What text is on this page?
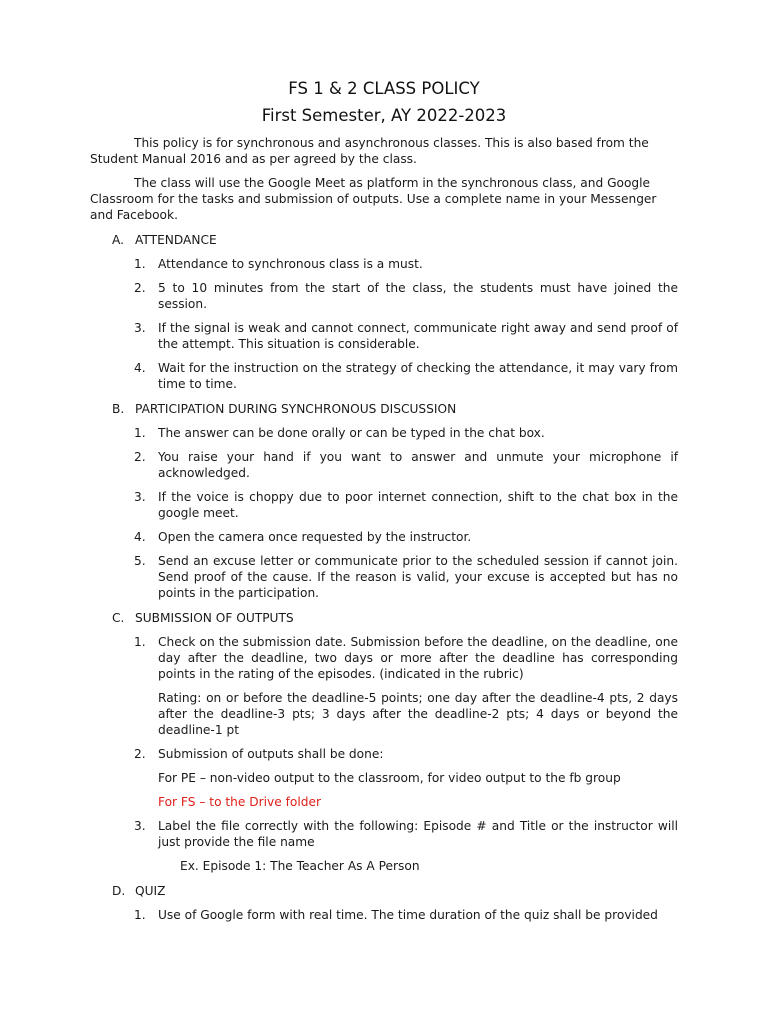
FS 1 & 2 CLASS POLICY
First Semester, AY 2022-2023

This policy is for synchronous and asynchronous classes. This is also based from the Student Manual 2016 and as per agreed by the class.

The class will use the Google Meet as platform in the synchronous class, and Google Classroom for the tasks and submission of outputs. Use a complete name in your Messenger and Facebook.

A. ATTENDANCE
1.	Attendance to synchronous class is a must.
2.	5 to 10 minutes from the start of the class, the students must have joined the session.
3.	If the signal is weak and cannot connect, communicate right away and send proof of the attempt. This situation is considerable.
4.	Wait for the instruction on the strategy of checking the attendance, it may vary from time to time.
B. PARTICIPATION DURING SYNCHRONOUS DISCUSSION
1.	The answer can be done orally or can be typed in the chat box.
2.	You raise your hand if you want to answer and unmute your microphone if acknowledged.
3.	If the voice is choppy due to poor internet connection, shift to the chat box in the google meet.
4.	Open the camera once requested by the instructor.
5.	Send an excuse letter or communicate prior to the scheduled session if cannot join. Send proof of the cause. If the reason is valid, your excuse is accepted but has no points in the participation.
C. SUBMISSION OF OUTPUTS
1.	Check on the submission date. Submission before the deadline, on the deadline, one day after the deadline, two days or more after the deadline has corresponding points in the rating of the episodes. (indicated in the rubric)
Rating: on or before the deadline-5 points; one day after the deadline-4 pts, 2 days after the deadline-3 pts; 3 days after the deadline-2 pts; 4 days or beyond the deadline-1 pt
2.	Submission of outputs shall be done:
For PE – non-video output to the classroom, for video output to the fb group
For FS – to the Drive folder
3.	Label the file correctly with the following: Episode # and Title or the instructor will just provide the file name
Ex. Episode 1: The Teacher As A Person
D. QUIZ
1.	Use of Google form with real time. The time duration of the quiz shall be provided
